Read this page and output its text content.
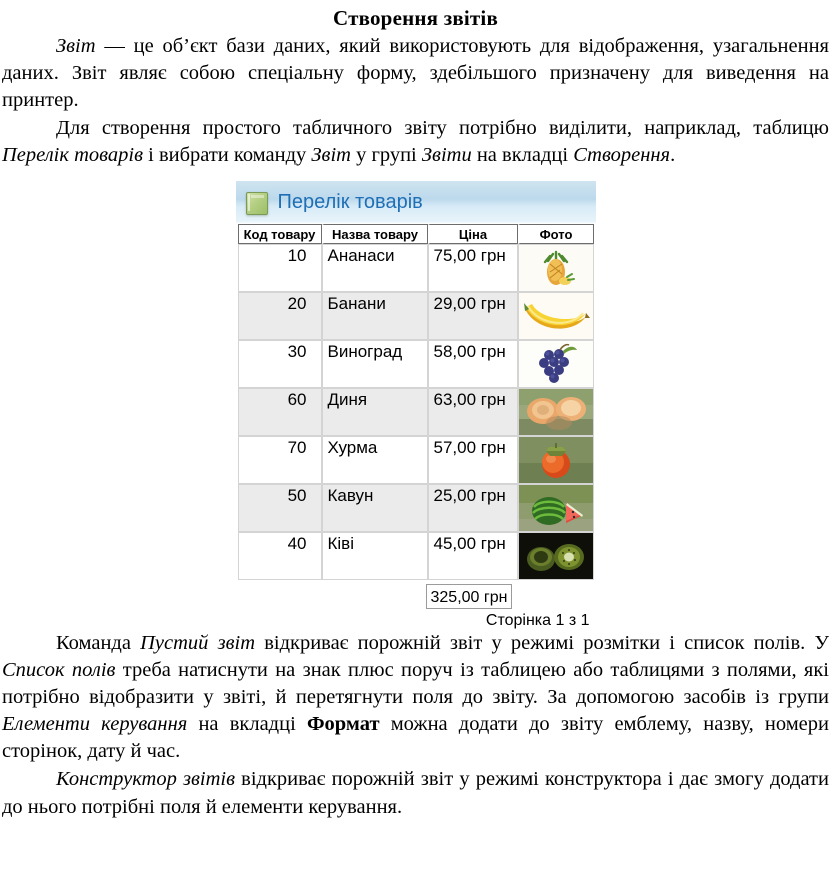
Створення звітів

Звіт — це об’єкт бази даних, який використовують для відображення, узагальнення даних. Звіт являє собою спеціальну форму, здебільшого призначену для виведення на принтер.

Для створення простого табличного звіту потрібно виділити, наприклад, таблицю Перелік товарів і вибрати команду Звіт у групі Звіти на вкладці Створення.

Перелік товарів
Код товару	Назва товару	Ціна	Фото
10	Ананаси	75,00 грн	

20	Банани	29,00 грн	

30	Виноград	58,00 грн	

60	Диня	63,00 грн	

70	Хурма	57,00 грн	

50	Кавун	25,00 грн	

40	Ківі	45,00 грн	
325,00 грн
Сторінка 1 з 1

Команда Пустий звіт відкриває порожній звіт у режимі розмітки і список полів. У Список полів треба натиснути на знак плюс поруч із таблицею або таблицями з полями, які потрібно відобразити у звіті, й перетягнути поля до звіту. За допомогою засобів із групи Елементи керування на вкладці Формат можна додати до звіту емблему, назву, номери сторінок, дату й час.

Конструктор звітів відкриває порожній звіт у режимі конструктора і дає змогу додати до нього потрібні поля й елементи керування.
